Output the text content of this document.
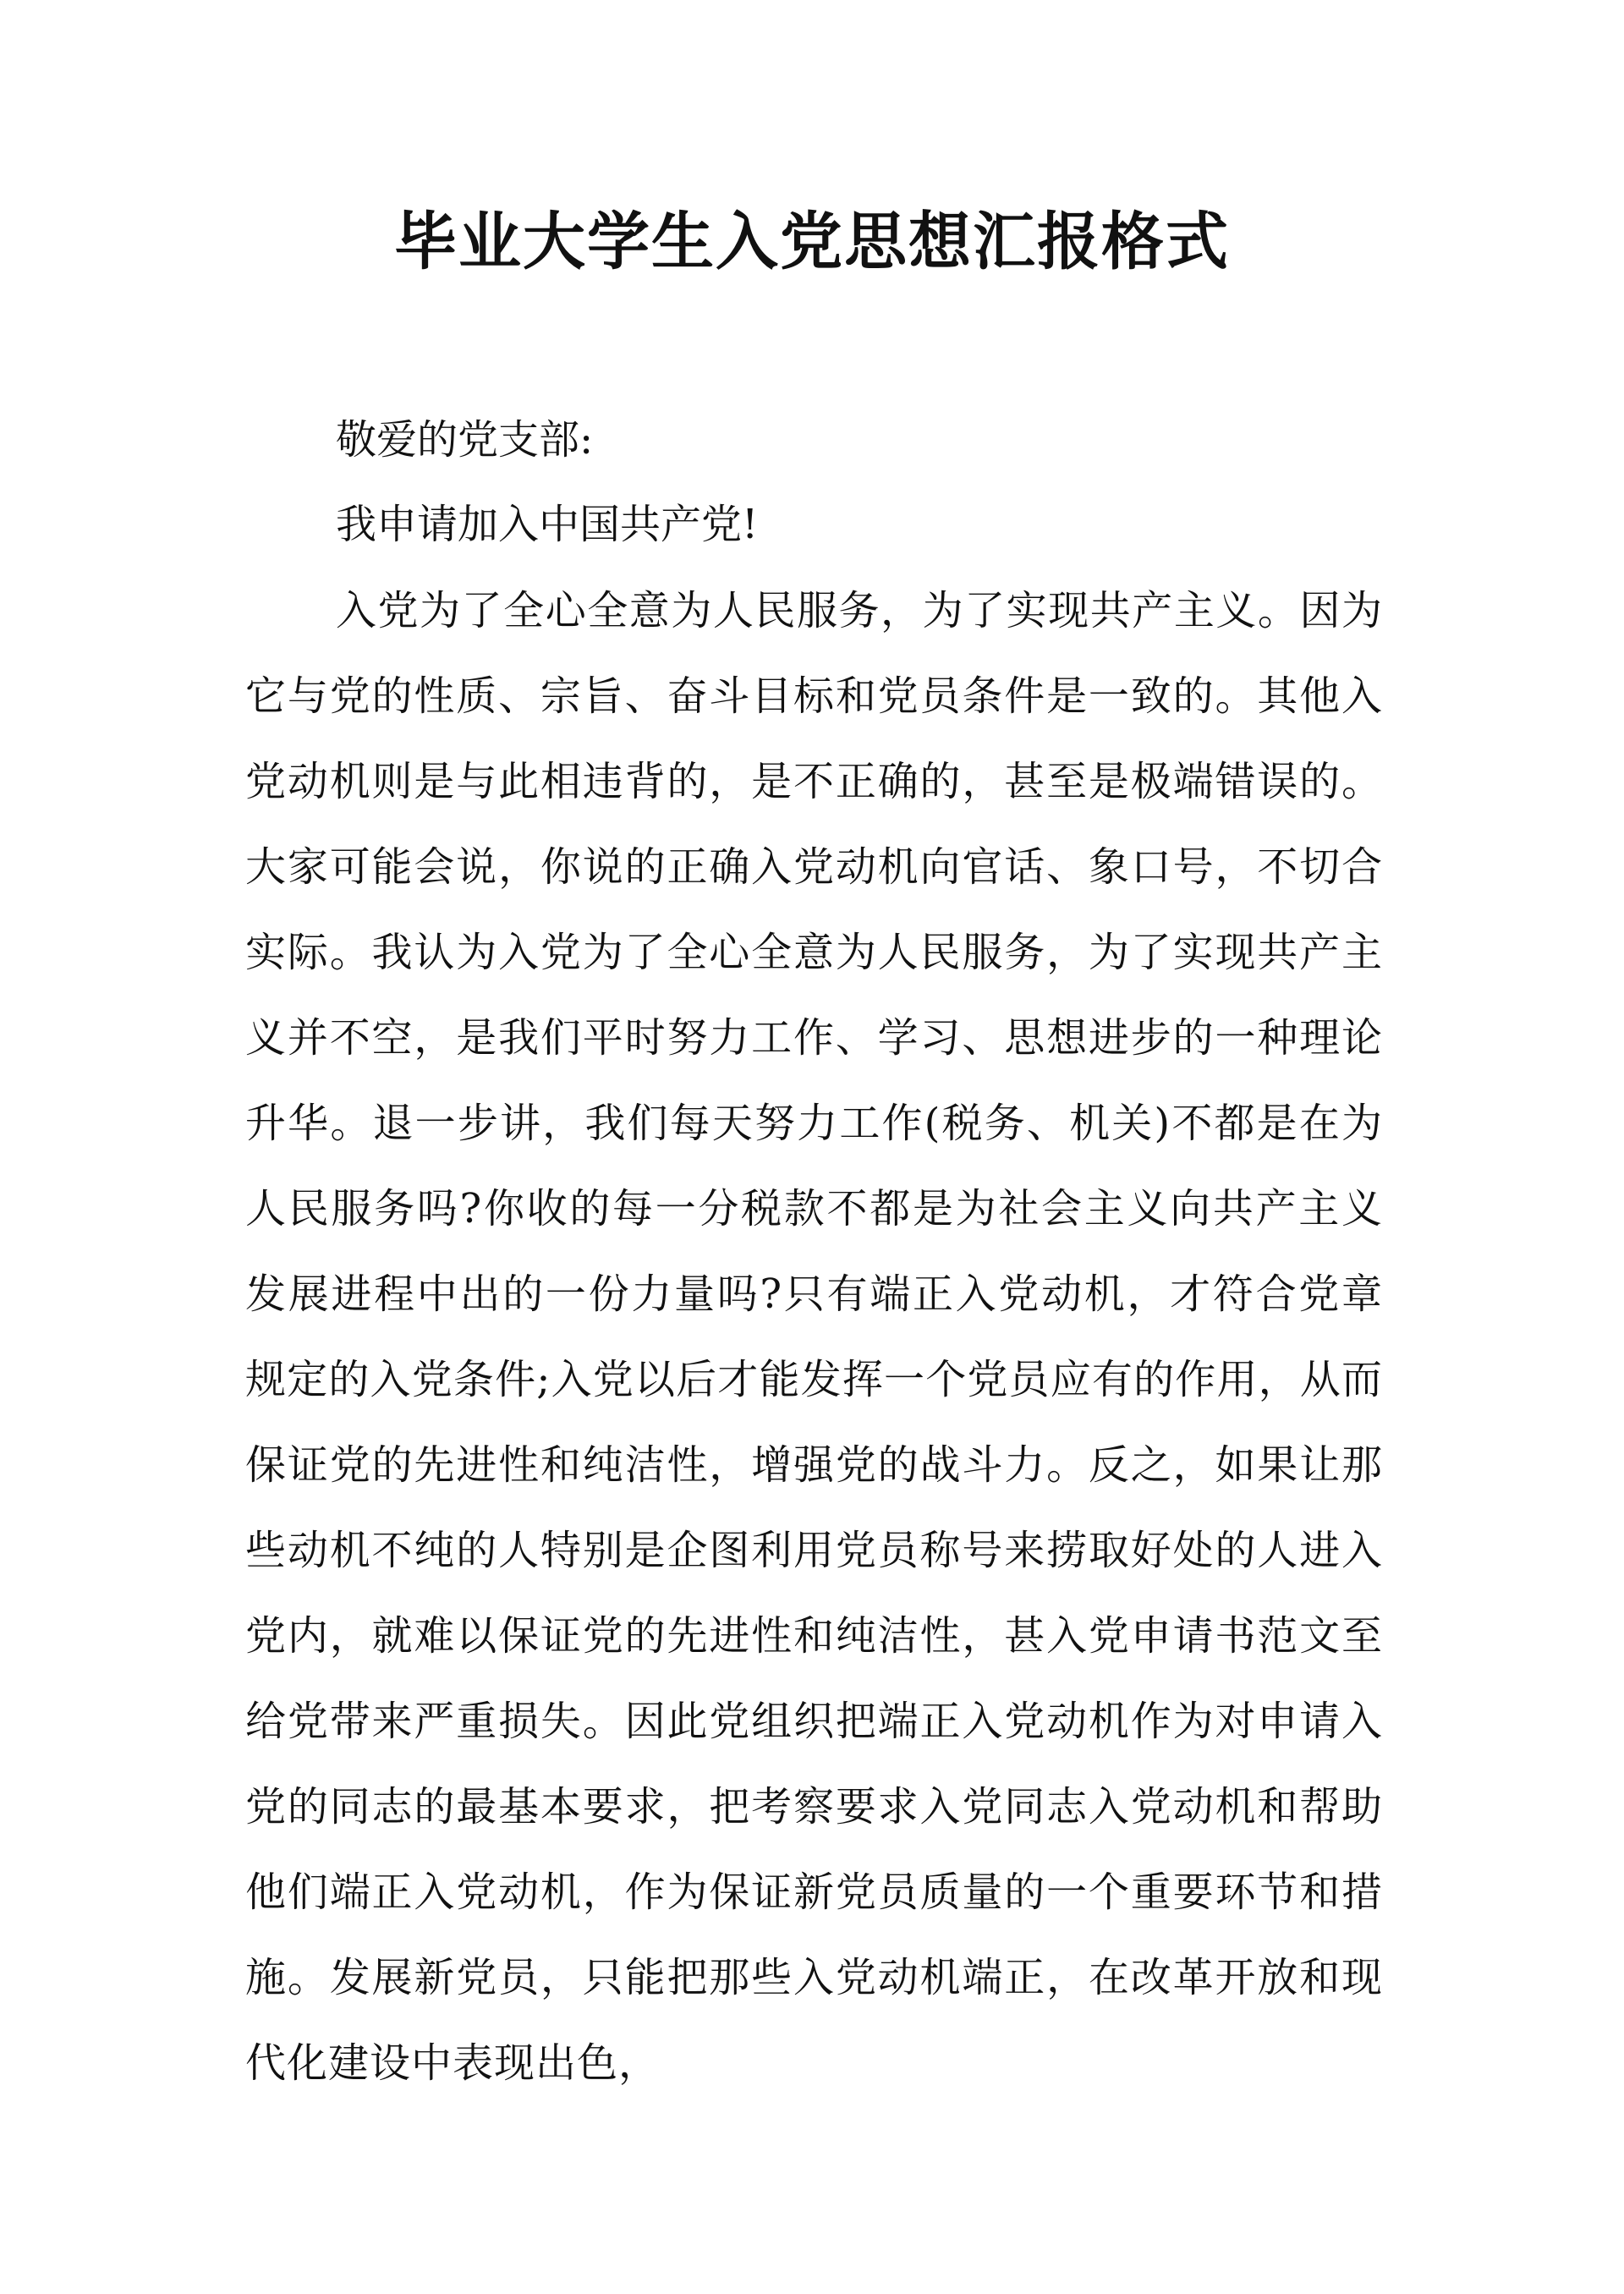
毕业大学生入党思想汇报格式

敬爱的党支部:

我申请加入中国共产党!

入党为了全心全意为人民服务，为了实现共产主义。因为它与党的性质、宗旨、奋斗目标和党员条件是一致的。其他入党动机则是与此相违背的，是不正确的，甚至是极端错误的。大家可能会说，你说的正确入党动机向官话、象口号，不切合实际。我认为入党为了全心全意为人民服务，为了实现共产主义并不空，是我们平时努力工作、学习、思想进步的一种理论升华。退一步讲，我们每天努力工作(税务、机关)不都是在为人民服务吗?你收的每一分税款不都是为社会主义向共产主义发展进程中出的一份力量吗?只有端正入党动机，才符合党章规定的入党条件;入党以后才能发挥一个党员应有的作用，从而保证党的先进性和纯洁性，增强党的战斗力。反之，如果让那些动机不纯的人特别是企图利用党员称号来捞取好处的人进入党内，就难以保证党的先进性和纯洁性，甚入党申请书范文至给党带来严重损失。因此党组织把端正入党动机作为对申请入党的同志的最基本要求，把考察要求入党同志入党动机和帮助他们端正入党动机，作为保证新党员质量的一个重要环节和措施。发展新党员，只能把那些入党动机端正，在改革开放和现代化建设中表现出色，
